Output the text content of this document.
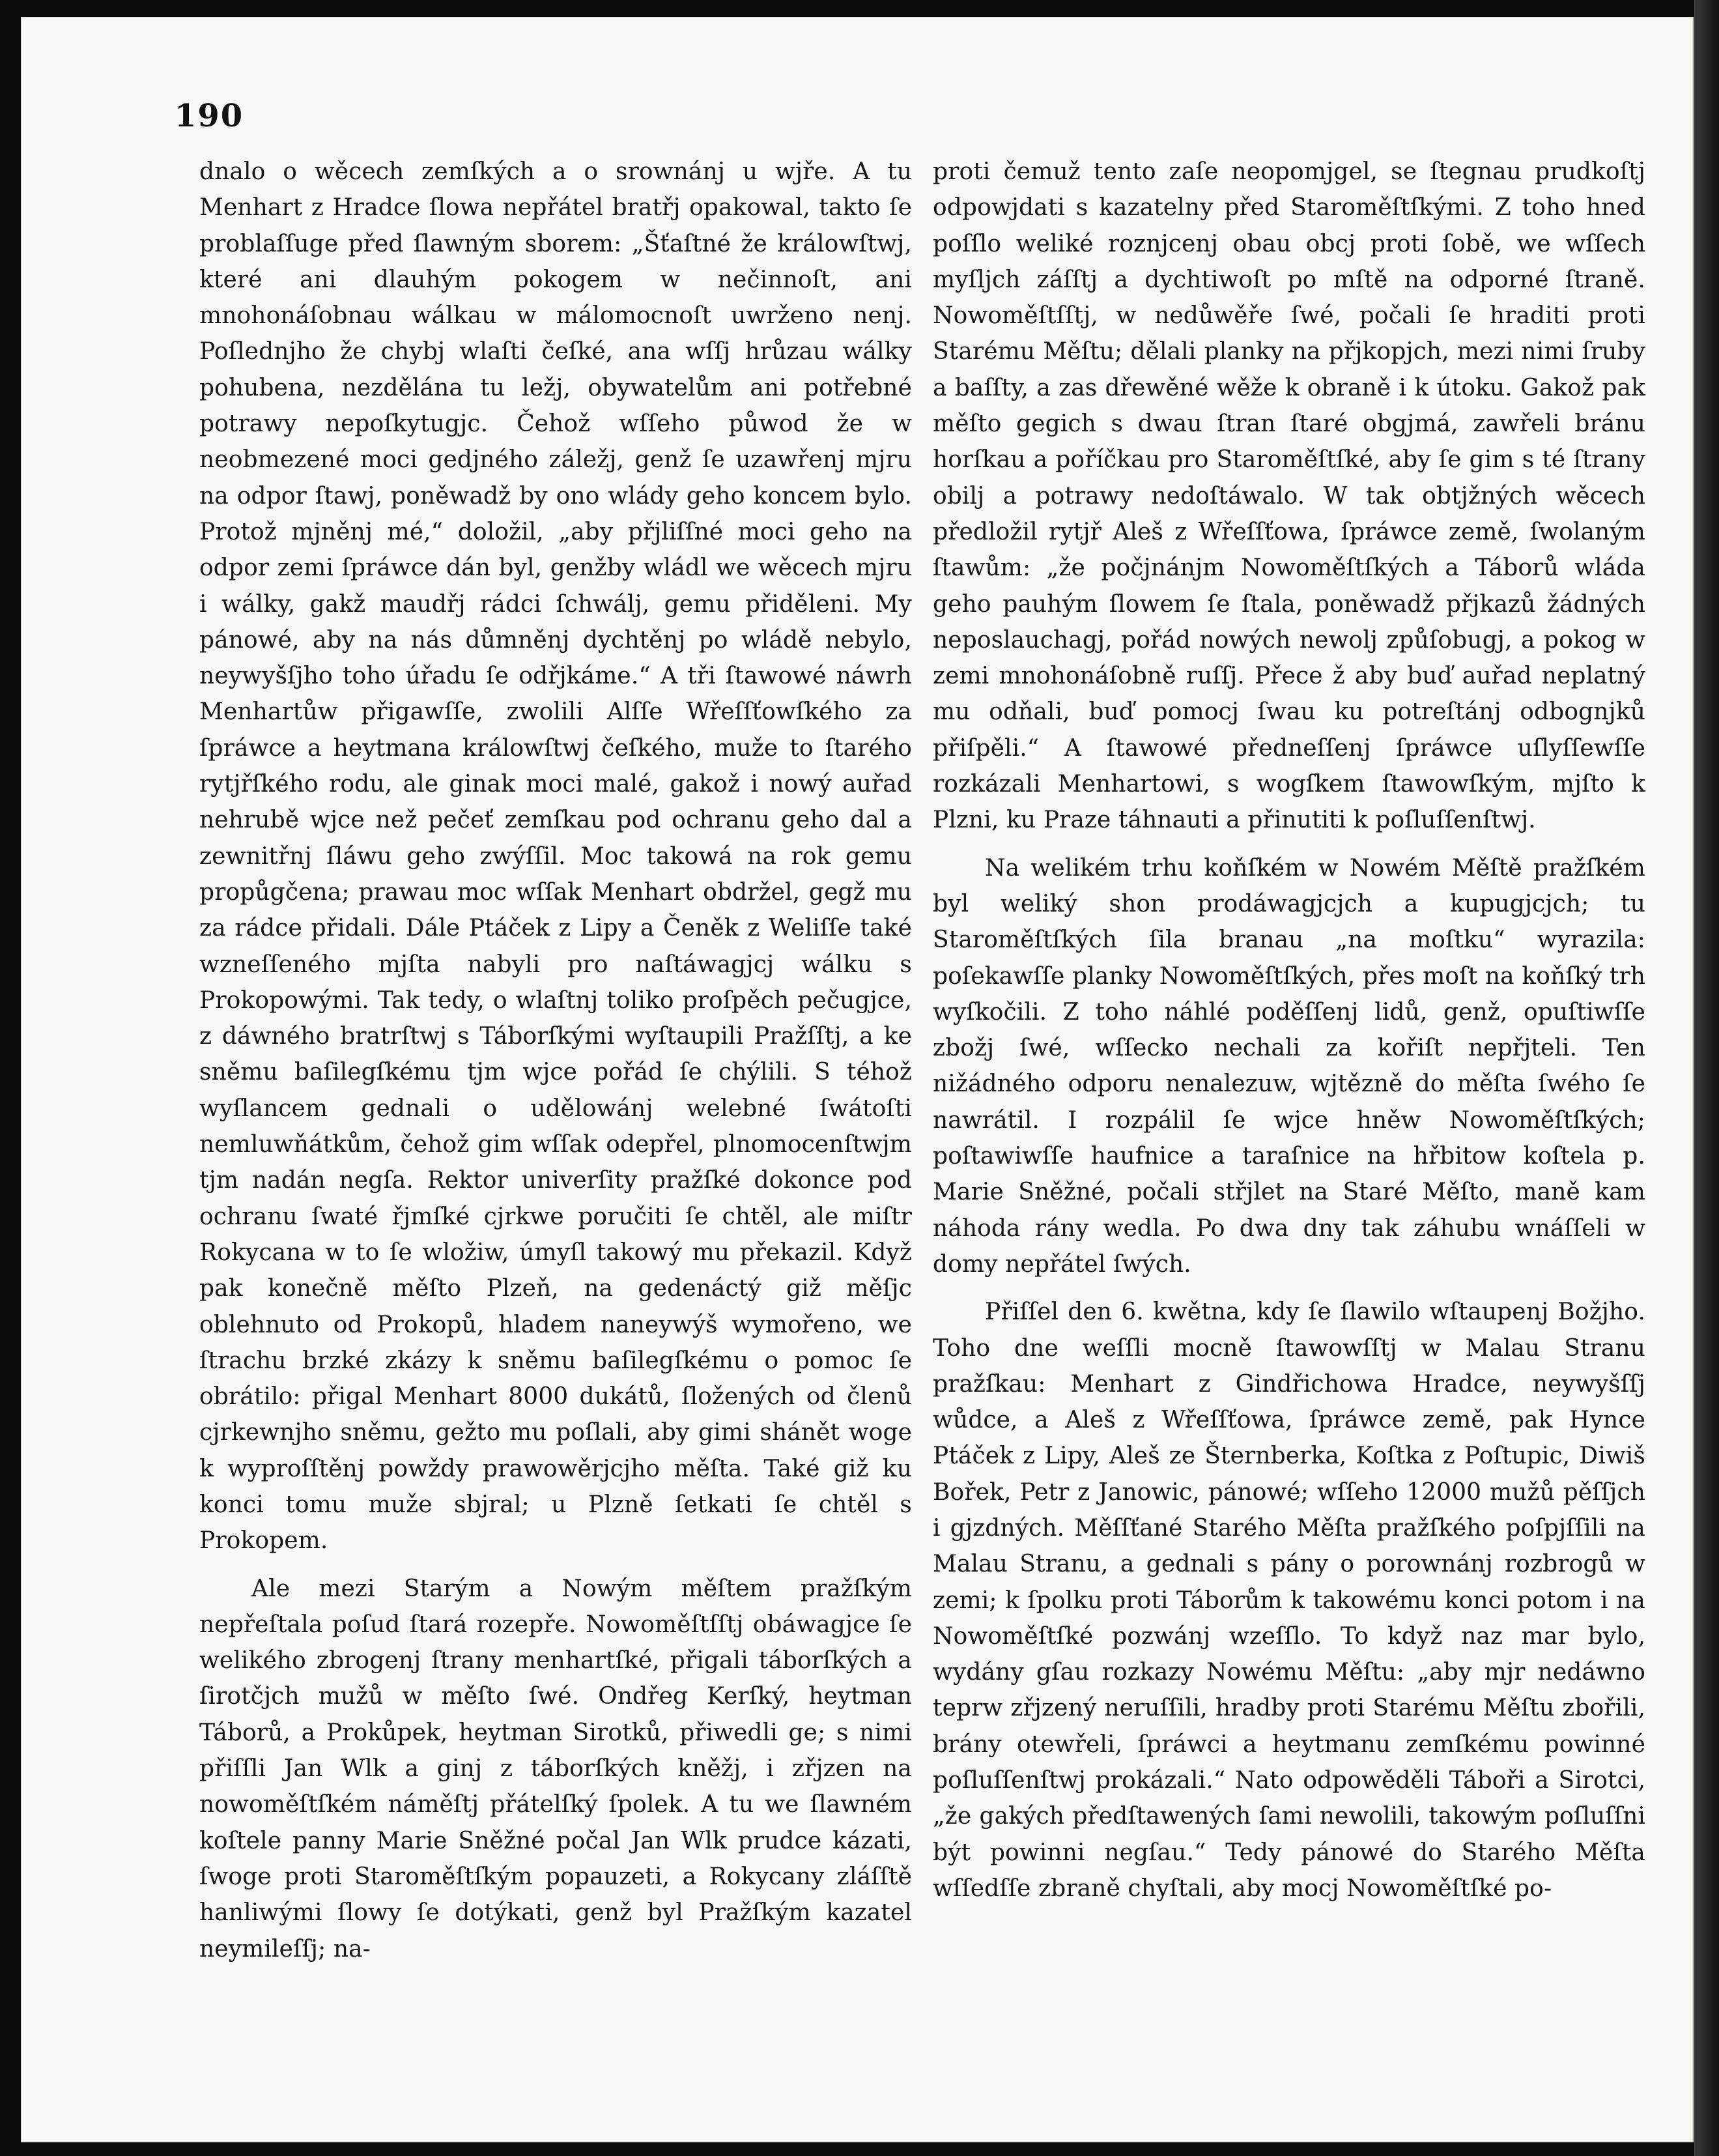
190

dnalo o wěcech zemſkých a o srownánj u wjře. A tu Menhart z Hradce ſlowa nepřátel bratřj opakowal, takto ſe problaſſuge před ſlawným sborem: „Šťaſtné že králowſtwj, které ani dlauhým pokogem w nečinnoſt, ani mnohonáſobnau wálkau w málomocnoſt uwrženo nenj. Poſlednjho že chybj wlaſti čeſké, ana wſſj hrůzau wálky pohubena, nezdělána tu ležj, obywatelům ani potřebné potrawy nepoſkytugjc. Čehož wſſeho půwod že w neobmezené moci gedjného záležj, genž ſe uzawřenj mjru na odpor ſtawj, poněwadž by ono wlády geho koncem bylo. Protož mjněnj mé,“ doložil, „aby přjliſſné moci geho na odpor zemi ſpráwce dán byl, genžby wládl we wěcech mjru i wálky, gakž maudřj rádci ſchwálj, gemu přiděleni. My pánowé, aby na nás důmněnj dychtěnj po wládě nebylo, neywyšſjho toho úřadu ſe odřjkáme.“ A tři ſtawowé náwrh Menhartůw přigawſſe, zwolili Alſſe Wřeſſťowſkého za ſpráwce a heytmana králowſtwj čeſkého, muže to ſtarého rytjřſkého rodu, ale ginak moci malé, gakož i nowý auřad nehrubě wjce než pečeť zemſkau pod ochranu geho dal a zewnitřnj ſláwu geho zwýſſil. Moc takowá na rok gemu propůgčena; prawau moc wſſak Menhart obdržel, gegž mu za rádce přidali. Dále Ptáček z Lipy a Čeněk z Weliſſe také wzneſſeného mjſta nabyli pro naſtáwagjcj wálku s Prokopowými. Tak tedy, o wlaſtnj toliko proſpěch pečugjce, z dáwného bratrſtwj s Táborſkými wyſtaupili Pražſſtj, a ke sněmu baſilegſkému tjm wjce pořád ſe chýlili. S téhož wyſlancem gednali o udělowánj welebné ſwátoſti nemluwňátkům, čehož gim wſſak odepřel, plnomocenſtwjm tjm nadán negſa. Rektor univerſity pražſké dokonce pod ochranu ſwaté řjmſké cjrkwe poručiti ſe chtěl, ale miſtr Rokycana w to ſe wložiw, úmyſl takowý mu překazil. Když pak konečně měſto Plzeň, na gedenáctý giž měſjc oblehnuto od Prokopů, hladem naneywýš wymořeno, we ſtrachu brzké zkázy k sněmu baſilegſkému o pomoc ſe obrátilo: přigal Menhart 8000 dukátů, ſložených od členů cjrkewnjho sněmu, gežto mu poſlali, aby gimi shánět woge k wyproſſtěnj powždy prawowěrjcjho měſta. Také giž ku konci tomu muže sbjral; u Plzně ſetkati ſe chtěl s Prokopem.

Ale mezi Starým a Nowým měſtem pražſkým nepřeſtala poſud ſtará rozepře. Nowoměſtſſtj obáwagjce ſe welikého zbrogenj ſtrany menhartſké, přigali táborſkých a ſirotčjch mužů w měſto ſwé. Ondřeg Kerſký, heytman Táborů, a Prokůpek, heytman Sirotků, přiwedli ge; s nimi přiſſli Jan Wlk a ginj z táborſkých kněžj, i zřjzen na nowoměſtſkém náměſtj přátelſký ſpolek. A tu we ſlawném koſtele panny Marie Sněžné počal Jan Wlk prudce kázati, ſwoge proti Staroměſtſkým popauzeti, a Rokycany zláſſtě hanliwými ſlowy ſe dotýkati, genž byl Pražſkým kazatel neymileſſj; na-

proti čemuž tento zaſe neopomjgel, se ſtegnau prudkoſtj odpowjdati s kazatelny před Staroměſtſkými. Z toho hned poſſlo weliké roznjcenj obau obcj proti ſobě, we wſſech myſljch záſſtj a dychtiwoſt po mſtě na odporné ſtraně. Nowoměſtſſtj, w nedůwěře ſwé, počali ſe hraditi proti Starému Měſtu; dělali planky na přjkopjch, mezi nimi ſruby a baſſty, a zas dřewěné wěže k obraně i k útoku. Gakož pak měſto gegich s dwau ſtran ſtaré obgjmá, zawřeli bránu horſkau a poříčkau pro Staroměſtſké, aby ſe gim s té ſtrany obilj a potrawy nedoſtáwalo. W tak obtjžných wěcech předložil rytjř Aleš z Wřeſſťowa, ſpráwce země, ſwolaným ſtawům: „že počjnánjm Nowoměſtſkých a Táborů wláda geho pauhým ſlowem ſe ſtala, poněwadž přjkazů žádných neposlauchagj, pořád nowých newolj způſobugj, a pokog w zemi mnohonáſobně ruſſj. Přece ž aby buď auřad neplatný mu odňali, buď pomocj ſwau ku potreſtánj odbognjků přiſpěli.“ A ſtawowé předneſſenj ſpráwce uſlyſſewſſe rozkázali Menhartowi, s wogſkem ſtawowſkým, mjſto k Plzni, ku Praze táhnauti a přinutiti k poſluſſenſtwj.

Na welikém trhu koňſkém w Nowém Měſtě pražſkém byl weliký shon prodáwagjcjch a kupugjcjch; tu Staroměſtſkých ſila branau „na moſtku“ wyrazila: poſekawſſe planky Nowoměſtſkých, přes moſt na koňſký trh wyſkočili. Z toho náhlé poděſſenj lidů, genž, opuſtiwſſe zbožj ſwé, wſſecko nechali za kořiſt nepřjteli. Ten nižádného odporu nenalezuw, wjtězně do měſta ſwého ſe nawrátil. I rozpálil ſe wjce hněw Nowoměſtſkých; poſtawiwſſe haufnice a taraſnice na hřbitow koſtela p. Marie Sněžné, počali střjlet na Staré Měſto, maně kam náhoda rány wedla. Po dwa dny tak záhubu wnáſſeli w domy nepřátel ſwých.

Přiſſel den 6. kwětna, kdy ſe ſlawilo wſtaupenj Božjho. Toho dne weſſli mocně ſtawowſſtj w Malau Stranu pražſkau: Menhart z Gindřichowa Hradce, neywyšſſj wůdce, a Aleš z Wřeſſťowa, ſpráwce země, pak Hynce Ptáček z Lipy, Aleš ze Šternberka, Koſtka z Poſtupic, Diwiš Bořek, Petr z Janowic, pánowé; wſſeho 12000 mužů pěſſjch i gjzdných. Měſſťané Starého Měſta pražſkého poſpjſſili na Malau Stranu, a gednali s pány o porownánj rozbrogů w zemi; k ſpolku proti Táborům k takowému konci potom i na Nowoměſtſké pozwánj wzeſſlo. To když naz mar bylo, wydány gſau rozkazy Nowému Měſtu: „aby mjr nedáwno teprw zřjzený neruſſili, hradby proti Starému Měſtu zbořili, brány otewřeli, ſpráwci a heytmanu zemſkému powinné poſluſſenſtwj prokázali.“ Nato odpowěděli Táboři a Sirotci, „že gakých předſtawených ſami newolili, takowým poſluſſni být powinni negſau.“ Tedy pánowé do Starého Měſta wſſedſſe zbraně chyſtali, aby mocj Nowoměſtſké po-
